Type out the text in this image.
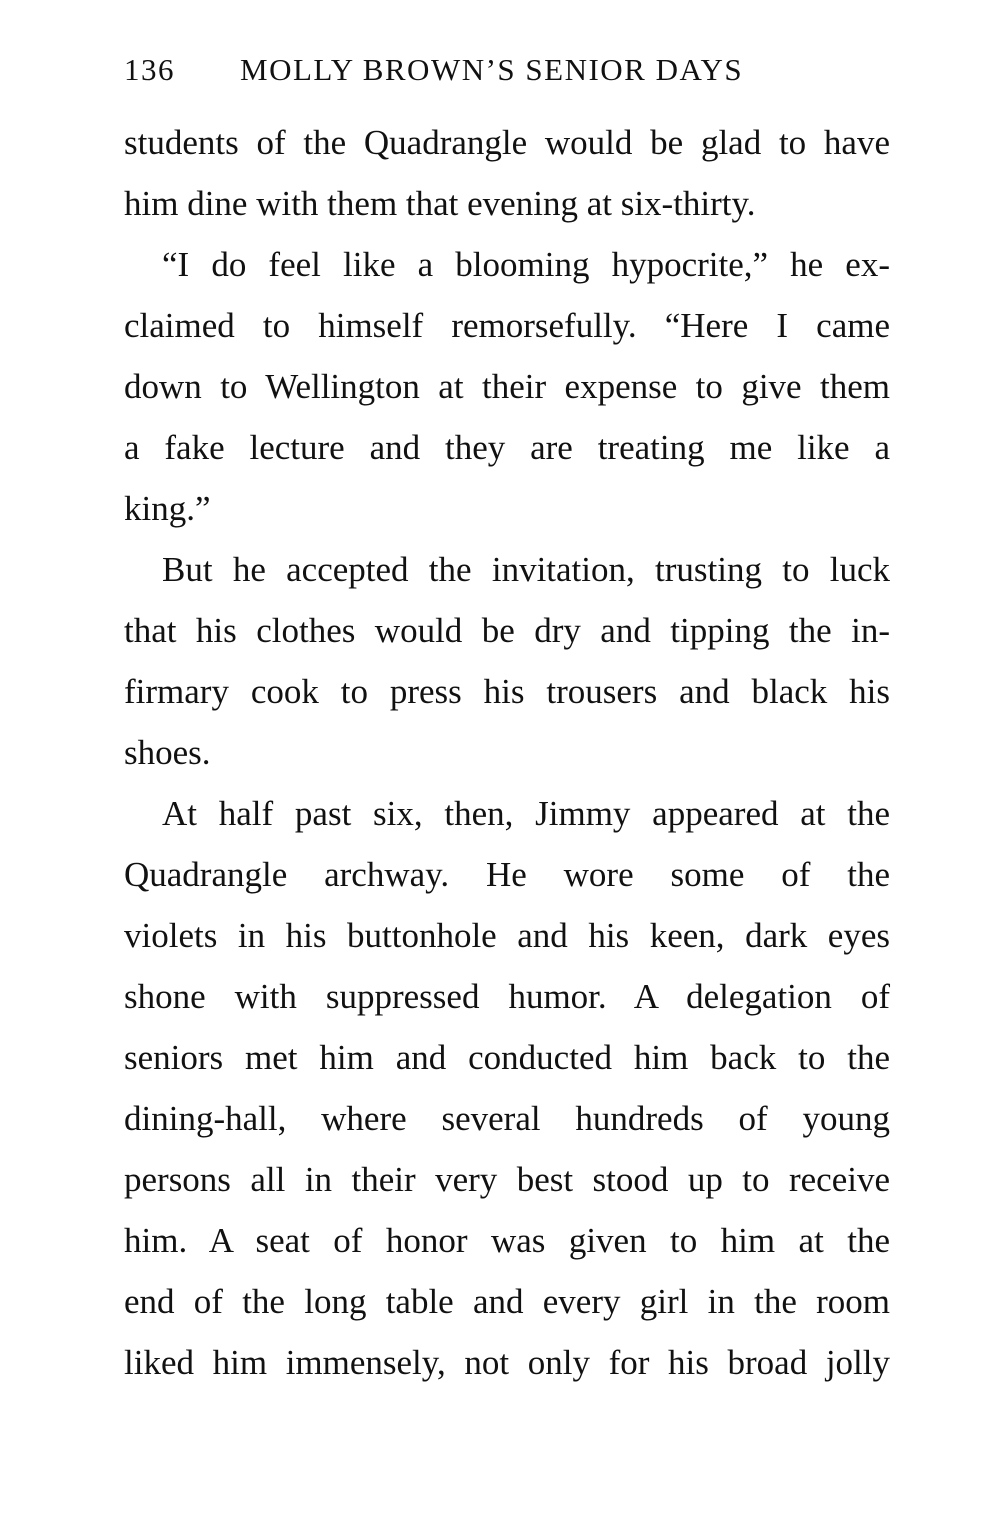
136 MOLLY BROWN’S SENIOR DAYS
students of the Quadrangle would be glad to have
him dine with them that evening at six-thirty.
“I do feel like a blooming hypocrite,” he ex-
claimed to himself remorsefully. “Here I came
down to Wellington at their expense to give them
a fake lecture and they are treating me like a
king.”
But he accepted the invitation, trusting to luck
that his clothes would be dry and tipping the in-
firmary cook to press his trousers and black his
shoes.
At half past six, then, Jimmy appeared at the
Quadrangle archway. He wore some of the
violets in his buttonhole and his keen, dark eyes
shone with suppressed humor. A delegation of
seniors met him and conducted him back to the
dining-hall, where several hundreds of young
persons all in their very best stood up to receive
him. A seat of honor was given to him at the
end of the long table and every girl in the room
liked him immensely, not only for his broad jolly
